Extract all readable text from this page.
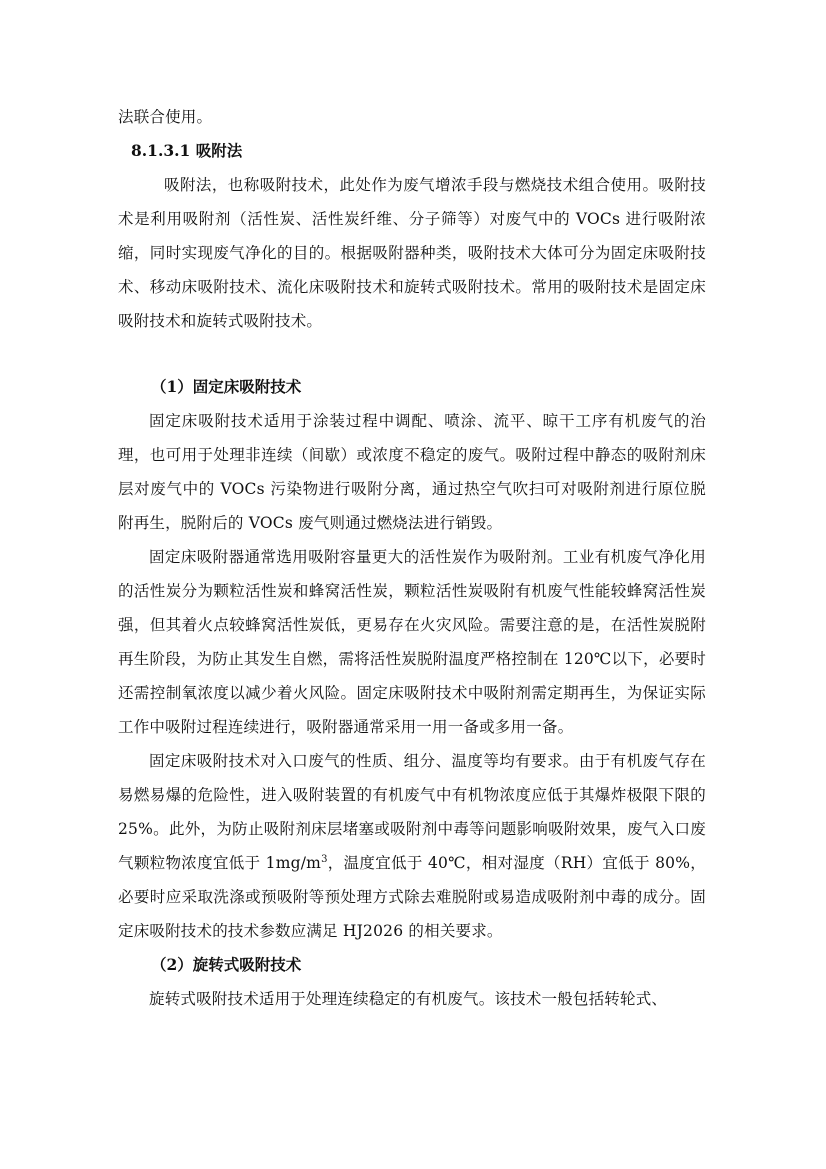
法联合使用。

8.1.3.1 吸附法

吸附法，也称吸附技术，此处作为废气增浓手段与燃烧技术组合使用。吸附技术是利用吸附剂（活性炭、活性炭纤维、分子筛等）对废气中的 VOCs 进行吸附浓缩，同时实现废气净化的目的。根据吸附器种类，吸附技术大体可分为固定床吸附技术、移动床吸附技术、流化床吸附技术和旋转式吸附技术。常用的吸附技术是固定床吸附技术和旋转式吸附技术。

（1）固定床吸附技术

固定床吸附技术适用于涂装过程中调配、喷涂、流平、晾干工序有机废气的治理，也可用于处理非连续（间歇）或浓度不稳定的废气。吸附过程中静态的吸附剂床层对废气中的 VOCs 污染物进行吸附分离，通过热空气吹扫可对吸附剂进行原位脱附再生，脱附后的 VOCs 废气则通过燃烧法进行销毁。

固定床吸附器通常选用吸附容量更大的活性炭作为吸附剂。工业有机废气净化用的活性炭分为颗粒活性炭和蜂窝活性炭，颗粒活性炭吸附有机废气性能较蜂窝活性炭强，但其着火点较蜂窝活性炭低，更易存在火灾风险。需要注意的是，在活性炭脱附再生阶段，为防止其发生自燃，需将活性炭脱附温度严格控制在 120℃以下，必要时还需控制氧浓度以减少着火风险。固定床吸附技术中吸附剂需定期再生，为保证实际工作中吸附过程连续进行，吸附器通常采用一用一备或多用一备。

固定床吸附技术对入口废气的性质、组分、温度等均有要求。由于有机废气存在易燃易爆的危险性，进入吸附装置的有机废气中有机物浓度应低于其爆炸极限下限的 25%。此外，为防止吸附剂床层堵塞或吸附剂中毒等问题影响吸附效果，废气入口废气颗粒物浓度宜低于 $1mg/m^3$，温度宜低于 40℃，相对湿度（RH）宜低于 80%，必要时应采取洗涤或预吸附等预处理方式除去难脱附或易造成吸附剂中毒的成分。固定床吸附技术的技术参数应满足 HJ2026 的相关要求。

（2）旋转式吸附技术

旋转式吸附技术适用于处理连续稳定的有机废气。该技术一般包括转轮式、
